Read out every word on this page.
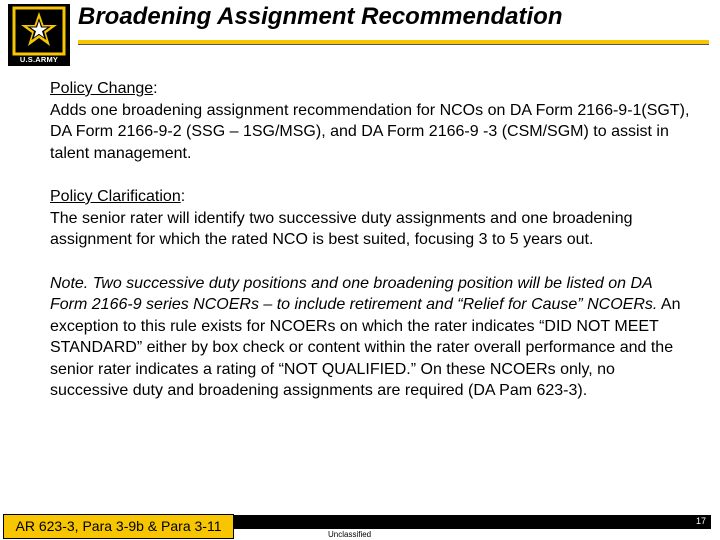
U.S.ARMY
Broadening Assignment Recommendation

Policy Change:

Adds one broadening assignment recommendation for NCOs on DA Form 2166-9-1(SGT), DA Form 2166-9-2 (SSG – 1SG/MSG), and DA Form 2166-9 -3 (CSM/SGM) to assist in talent management.

Policy Clarification:

The senior rater will identify two successive duty assignments and one broadening assignment for which the rated NCO is best suited, focusing 3 to 5 years out.

Note. Two successive duty positions and one broadening position will be listed on DA Form 2166-9 series NCOERs – to include retirement and “Relief for Cause” NCOERs. An exception to this rule exists for NCOERs on which the rater indicates “DID NOT MEET STANDARD” either by box check or content within the rater overall performance and the senior rater indicates a rating of “NOT QUALIFIED.” On these NCOERs only, no successive duty and broadening assignments are required (DA Pam 623-3).

AR 623-3, Para 3-9b & Para 3-11
Unclassified
17
